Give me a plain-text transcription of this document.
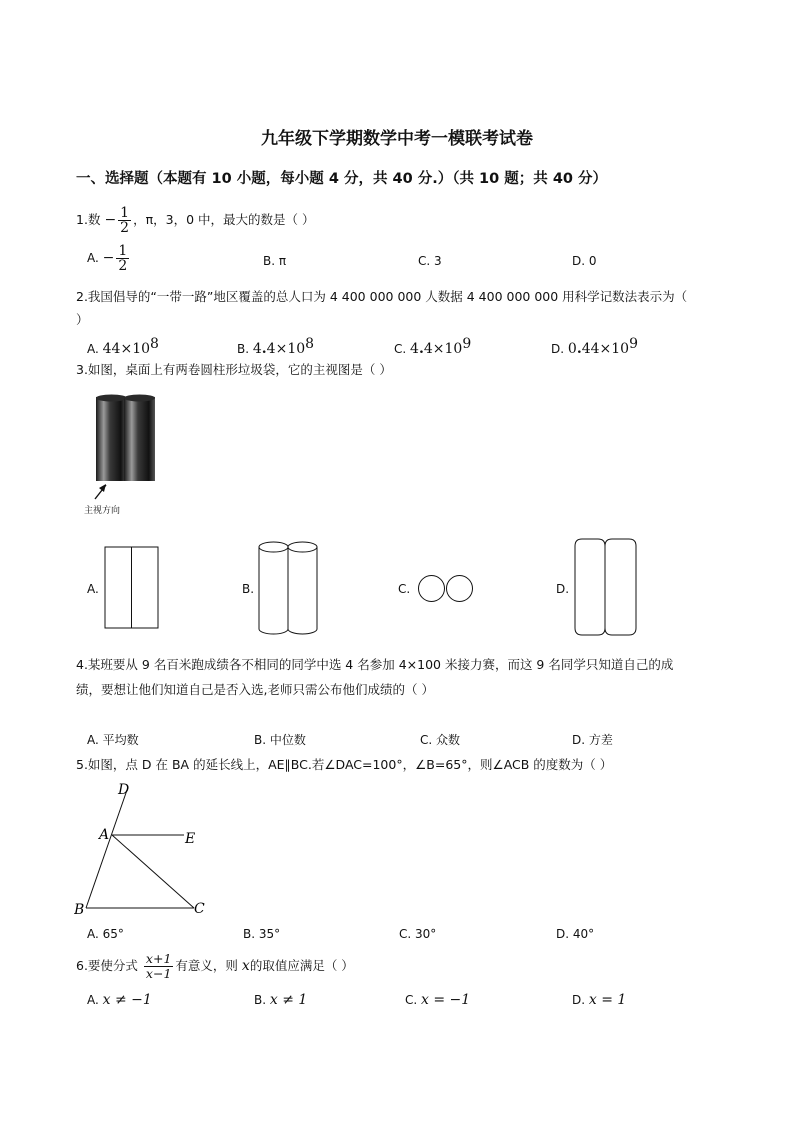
九年级下学期数学中考一模联考试卷
一、选择题（本题有 10 小题，每小题 4 分，共 40 分.）（共 10 题；共 40 分）
1.数 − $\frac{1}{2}$ ，π，3，0 中，最大的数是（ ）
A. − $\frac{1}{2}$	B. π	C. 3	D. 0
2.我国倡导的“一带一路”地区覆盖的总人口为 4 400 000 000 人数据 4 400 000 000 用科学记数法表示为（
）
A. $44\times 10^8$	B. $4.4\times 10^8$	C. $4.4\times 10^9$	D. $0.44\times 10^9$
3.如图，桌面上有两卷圆柱形垃圾袋，它的主视图是（ ）
主视方向
A.	B.	C.	D.
4.某班要从 9 名百米跑成绩各不相同的同学中选 4 名参加 4×100 米接力赛，而这 9 名同学只知道自己的成
绩，要想让他们知道自己是否入选,老师只需公布他们成绩的（ ）
A. 平均数	B. 中位数	C. 众数	D. 方差
5.如图，点 D 在 BA 的延长线上，AE∥BC.若∠DAC=100°，∠B=65°，则∠ACB 的度数为（ ）
D
A	E
B	C
A. 65°	B. 35°	C. 30°	D. 40°
6.要使分式 $\frac{x+1}{x-1}$ 有意义，则 x的取值应满足（ ）
A. x ≠ −1	B. x ≠ 1	C. x = −1	D. x = 1
